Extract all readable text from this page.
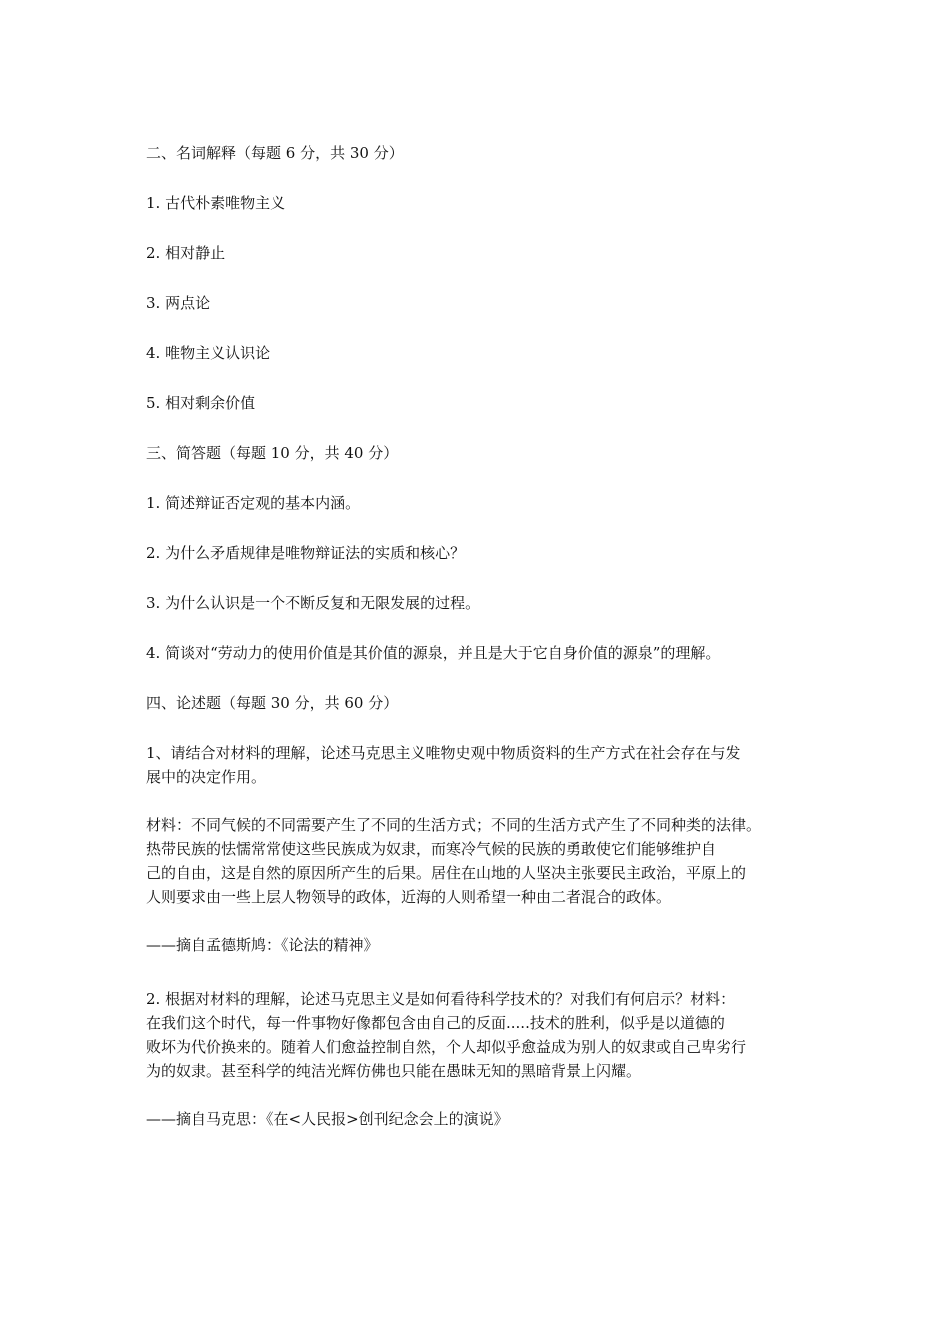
二、名词解释（每题 6 分，共 30 分）
1. 古代朴素唯物主义
2. 相对静止
3. 两点论
4. 唯物主义认识论
5. 相对剩余价值
三、简答题（每题 10 分，共 40 分）
1. 简述辩证否定观的基本内涵。
2. 为什么矛盾规律是唯物辩证法的实质和核心？
3. 为什么认识是一个不断反复和无限发展的过程。
4. 简谈对“劳动力的使用价值是其价值的源泉，并且是大于它自身价值的源泉”的理解。
四、论述题（每题 30 分，共 60 分）
1、请结合对材料的理解，论述马克思主义唯物史观中物质资料的生产方式在社会存在与发
展中的决定作用。
材料：不同气候的不同需要产生了不同的生活方式；不同的生活方式产生了不同种类的法律。
热带民族的怯懦常常使这些民族成为奴隶，而寒冷气候的民族的勇敢使它们能够维护自
己的自由，这是自然的原因所产生的后果。居住在山地的人坚决主张要民主政治，平原上的
人则要求由一些上层人物领导的政体，近海的人则希望一种由二者混合的政体。
——摘自孟德斯鸠：《论法的精神》
2. 根据对材料的理解，论述马克思主义是如何看待科学技术的？对我们有何启示？材料：
在我们这个时代，每一件事物好像都包含由自己的反面.....技术的胜利，似乎是以道德的
败坏为代价换来的。随着人们愈益控制自然，个人却似乎愈益成为别人的奴隶或自己卑劣行
为的奴隶。甚至科学的纯洁光辉仿佛也只能在愚昧无知的黑暗背景上闪耀。
——摘自马克思：《在<人民报>创刊纪念会上的演说》
